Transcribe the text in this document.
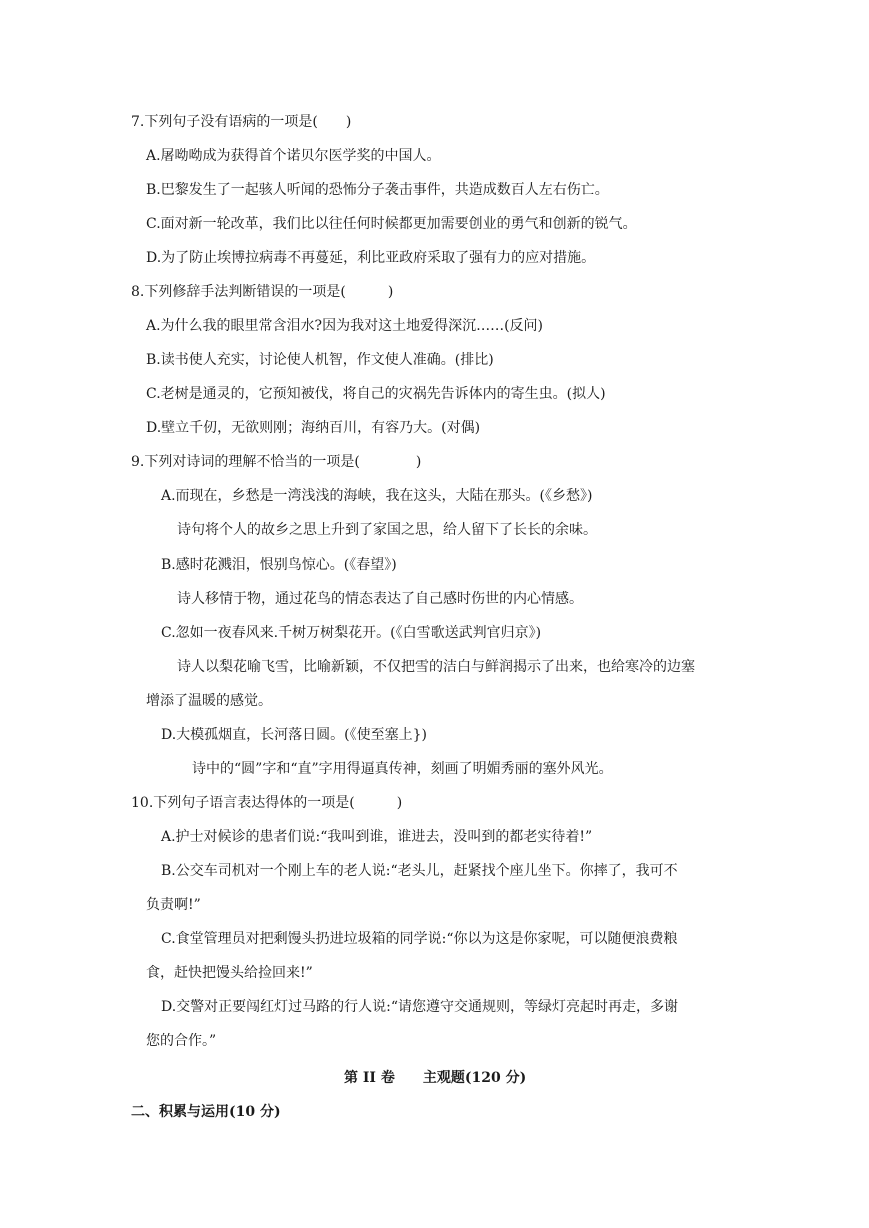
7.下列句子没有语病的一项是(　　)
A.屠呦呦成为获得首个诺贝尔医学奖的中国人。
B.巴黎发生了一起骇人听闻的恐怖分子袭击事件，共造成数百人左右伤亡。
C.面对新一轮改革，我们比以往任何时候都更加需要创业的勇气和创新的锐气。
D.为了防止埃博拉病毒不再蔓延，利比亚政府采取了强有力的应对措施。
8.下列修辞手法判断错误的一项是(　　　)
A.为什么我的眼里常含泪水?因为我对这土地爱得深沉……(反问)
B.读书使人充实，讨论使人机智，作文使人准确。(排比)
C.老树是通灵的，它预知被伐，将自己的灾祸先告诉体内的寄生虫。(拟人)
D.壁立千仞，无欲则刚；海纳百川，有容乃大。(对偶)
9.下列对诗词的理解不恰当的一项是(　　　　)
A.而现在，乡愁是一湾浅浅的海峡，我在这头，大陆在那头。(《乡愁》)
诗句将个人的故乡之思上升到了家国之思，给人留下了长长的余味。
B.感时花溅泪，恨别鸟惊心。(《春望》)
诗人移情于物，通过花鸟的情态表达了自己感时伤世的内心情感。
C.忽如一夜春风来.千树万树梨花开。(《白雪歌送武判官归京》)
诗人以梨花喻飞雪，比喻新颖，不仅把雪的洁白与鲜润揭示了出来，也给寒冷的边塞
增添了温暖的感觉。
D.大模孤烟直，长河落日圆。(《使至塞上})
诗中的“圆”字和“直”字用得逼真传神，刻画了明媚秀丽的塞外风光。
10.下列句子语言表达得体的一项是(　　　)
A.护士对候诊的患者们说:“我叫到谁，谁进去，没叫到的都老实待着!”
B.公交车司机对一个刚上车的老人说:“老头儿，赶紧找个座儿坐下。你摔了，我可不
负责啊!”
C.食堂管理员对把剩馒头扔进垃圾箱的同学说:“你以为这是你家呢，可以随便浪费粮
食，赶快把馒头给捡回来!”
D.交警对正要闯红灯过马路的行人说:“请您遵守交通规则，等绿灯亮起时再走，多谢
您的合作。”
第 II 卷　　主观题(120 分)
二、积累与运用(10 分)
